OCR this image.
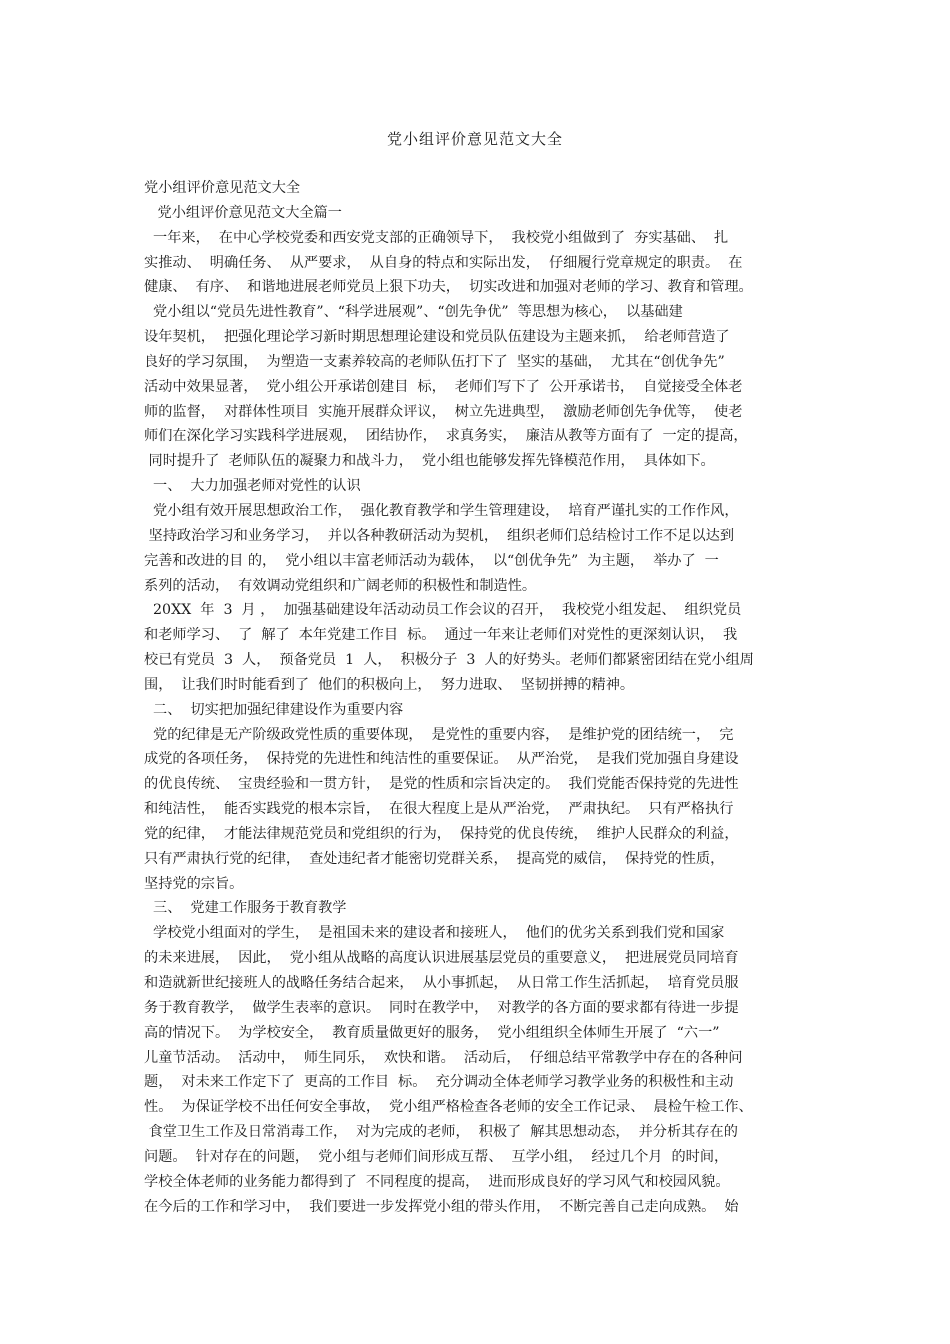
党小组评价意见范文大全
党小组评价意见范文大全
党小组评价意见范文大全篇一
一年来，  在中心学校党委和西安党支部的正确领导下，  我校党小组做到了  夯实基础、  扎
实推动、  明确任务、  从严要求，  从自身的特点和实际出发，  仔细履行党章规定的职责。  在
健康、  有序、  和谐地进展老师党员上狠下功夫，  切实改进和加强对老师的学习、教育和管理。
党小组以“党员先进性教育”、“科学进展观”、“创先争优”  等思想为核心，  以基础建
设年契机，  把强化理论学习新时期思想理论建设和党员队伍建设为主题来抓，  给老师营造了
良好的学习氛围，  为塑造一支素养较高的老师队伍打下了  坚实的基础，  尤其在“创优争先”
活动中效果显著，  党小组公开承诺创建目  标，  老师们写下了  公开承诺书，  自觉接受全体老
师的监督，  对群体性项目  实施开展群众评议，  树立先进典型，  激励老师创先争优等，  使老
师们在深化学习实践科学进展观，  团结协作，  求真务实，  廉洁从教等方面有了  一定的提高，
同时提升了  老师队伍的凝聚力和战斗力，  党小组也能够发挥先锋模范作用，  具体如下。
一、  大力加强老师对党性的认识
党小组有效开展思想政治工作，  强化教育教学和学生管理建设，  培育严谨扎实的工作作风，
坚持政治学习和业务学习，  并以各种教研活动为契机，  组织老师们总结检讨工作不足以达到
完善和改进的目 的，  党小组以丰富老师活动为载体，  以“创优争先”  为主题，  举办了  一
系列的活动，  有效调动党组织和广阔老师的积极性和制造性。
20XX  年  3  月 ，  加强基础建设年活动动员工作会议的召开，  我校党小组发起、  组织党员
和老师学习、  了  解了  本年党建工作目  标。  通过一年来让老师们对党性的更深刻认识，  我
校已有党员  3  人，  预备党员  1  人，  积极分子  3  人的好势头。老师们都紧密团结在党小组周
围，  让我们时时能看到了  他们的积极向上，  努力进取、  坚韧拼搏的精神。
二、  切实把加强纪律建设作为重要内容
党的纪律是无产阶级政党性质的重要体现，  是党性的重要内容，  是维护党的团结统一，  完
成党的各项任务，  保持党的先进性和纯洁性的重要保证。  从严治党，  是我们党加强自身建设
的优良传统、  宝贵经验和一贯方针，  是党的性质和宗旨决定的。  我们党能否保持党的先进性
和纯洁性，  能否实践党的根本宗旨，  在很大程度上是从严治党，  严肃执纪。  只有严格执行
党的纪律，  才能法律规范党员和党组织的行为，  保持党的优良传统，  维护人民群众的利益，
只有严肃执行党的纪律，  查处违纪者才能密切党群关系，  提高党的威信，  保持党的性质，
坚持党的宗旨。
三、  党建工作服务于教育教学
学校党小组面对的学生，  是祖国未来的建设者和接班人，  他们的优劣关系到我们党和国家
的未来进展，  因此，  党小组从战略的高度认识进展基层党员的重要意义，  把进展党员同培育
和造就新世纪接班人的战略任务结合起来，  从小事抓起，  从日常工作生活抓起，  培育党员服
务于教育教学，  做学生表率的意识。  同时在教学中，  对教学的各方面的要求都有待进一步提
高的情况下。  为学校安全，  教育质量做更好的服务，  党小组组织全体师生开展了  “六一”
儿童节活动。  活动中，  师生同乐，  欢快和谐。  活动后，  仔细总结平常教学中存在的各种问
题，  对未来工作定下了  更高的工作目  标。  充分调动全体老师学习教学业务的积极性和主动
性。  为保证学校不出任何安全事故，  党小组严格检查各老师的安全工作记录、  晨检午检工作、
食堂卫生工作及日常消毒工作，  对为完成的老师，  积极了  解其思想动态，  并分析其存在的
问题。  针对存在的问题，  党小组与老师们间形成互帮、  互学小组，  经过几个月  的时间，
学校全体老师的业务能力都得到了  不同程度的提高，  进而形成良好的学习风气和校园风貌。
在今后的工作和学习中，  我们要进一步发挥党小组的带头作用，  不断完善自己走向成熟。  始
